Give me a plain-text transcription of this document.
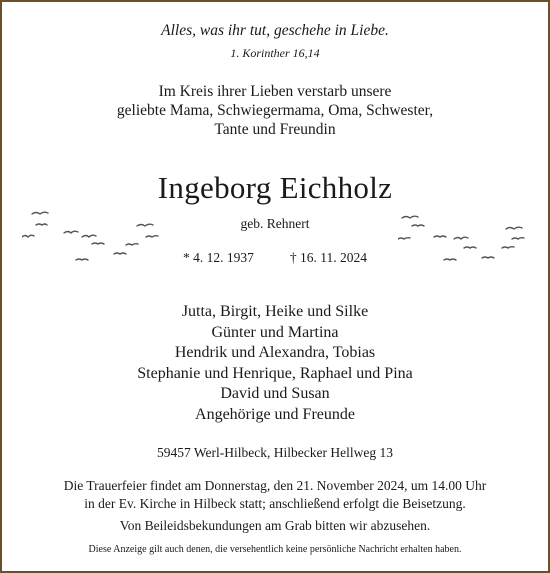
Alles, was ihr tut, geschehe in Liebe.
1. Korinther 16,14
Im Kreis ihrer Lieben verstarb unsere
geliebte Mama, Schwiegermama, Oma, Schwester,
Tante und Freundin
Ingeborg Eichholz
geb. Rehnert
* 4. 12. 1937	† 16. 11. 2024
Jutta, Birgit, Heike und Silke
Günter und Martina
Hendrik und Alexandra, Tobias
Stephanie und Henrique, Raphael und Pina
David und Susan
Angehörige und Freunde
59457 Werl-Hilbeck, Hilbecker Hellweg 13
Die Trauerfeier findet am Donnerstag, den 21. November 2024, um 14.00 Uhr
in der Ev. Kirche in Hilbeck statt; anschließend erfolgt die Beisetzung.
Von Beileidsbekundungen am Grab bitten wir abzusehen.
Diese Anzeige gilt auch denen, die versehentlich keine persönliche Nachricht erhalten haben.
